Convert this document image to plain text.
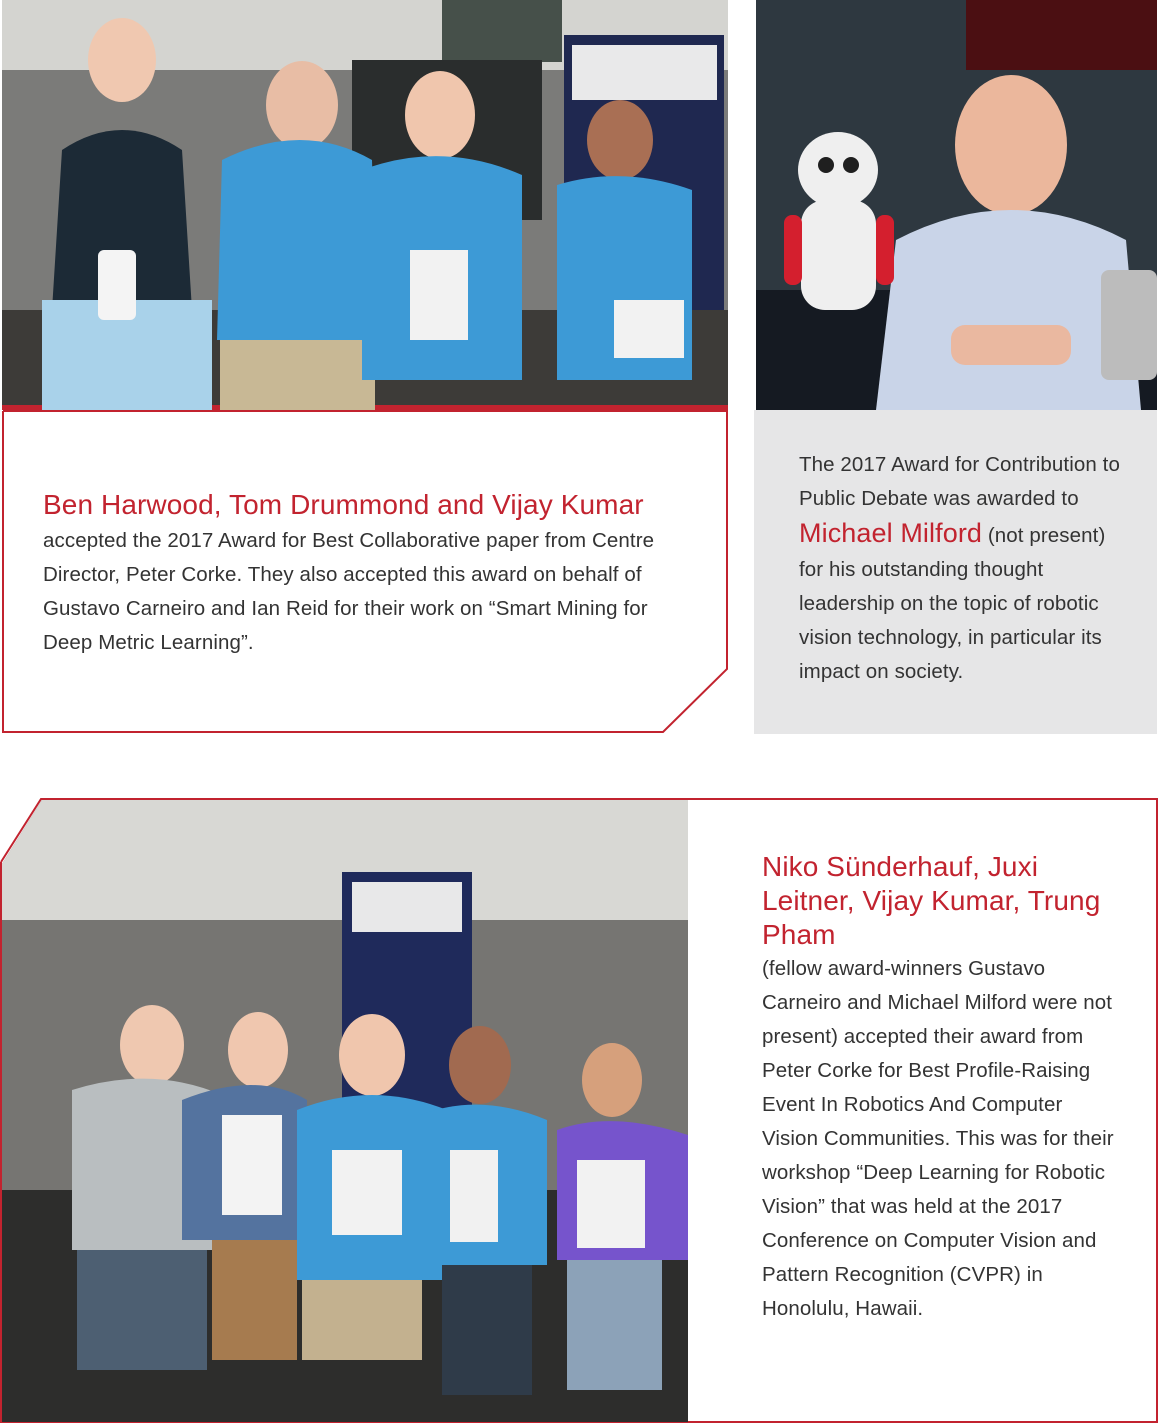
Ben Harwood, Tom Drummond and Vijay Kumar
accepted the 2017 Award for Best Collaborative paper from Centre Director, Peter Corke. They also accepted this award on behalf of Gustavo Carneiro and Ian Reid for their work on “Smart Mining for Deep Metric Learning”.
The 2017 Award for Contribution to Public Debate was awarded to Michael Milford (not present) for his outstanding thought leadership on the topic of robotic vision technology, in particular its impact on society.
Niko Sünderhauf, Juxi Leitner, Vijay Kumar, Trung Pham
(fellow award-winners Gustavo Carneiro and Michael Milford were not present) accepted their award from Peter Corke for Best Profile-Raising Event In Robotics And Computer Vision Communities. This was for their workshop “Deep Learning for Robotic Vision” that was held at the 2017 Conference on Computer Vision and Pattern Recognition (CVPR) in Honolulu, Hawaii.
